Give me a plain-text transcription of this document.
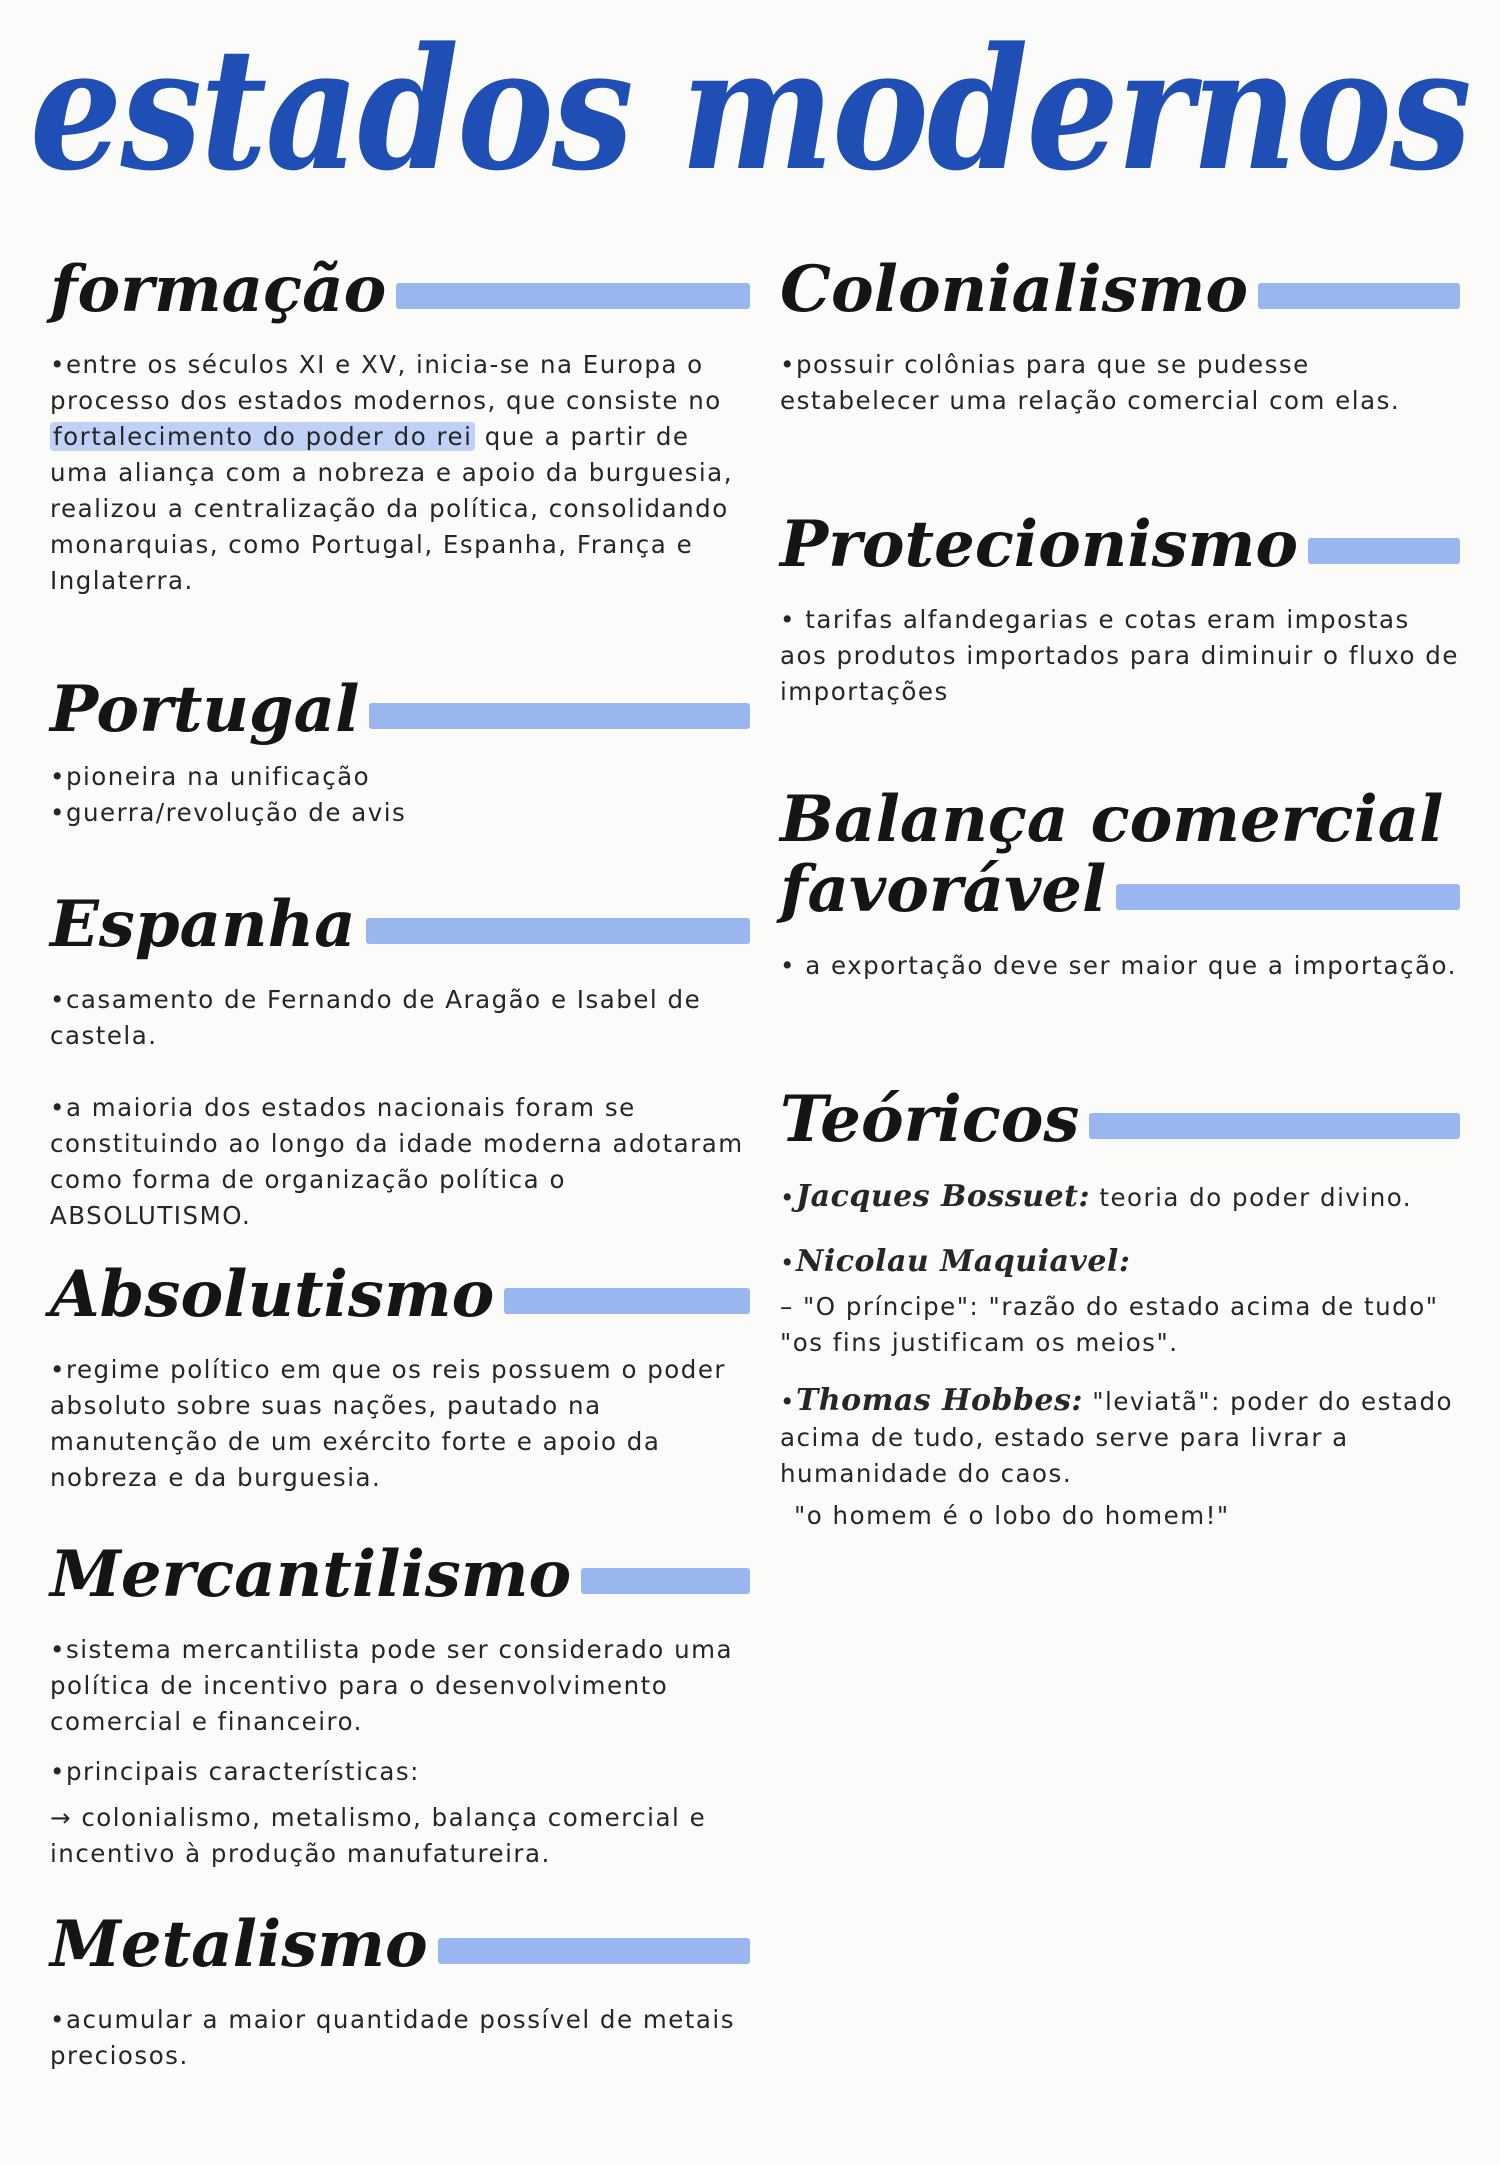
estados modernos
formação

•entre os séculos XI e XV, inicia-se na Europa o processo dos estados modernos, que consiste no fortalecimento do poder do rei que a partir de uma aliança com a nobreza e apoio da burguesia, realizou a centralização da política, consolidando monarquias, como Portugal, Espanha, França e Inglaterra.

Portugal

•pioneira na unificação

•guerra/revolução de avis

Espanha

•casamento de Fernando de Aragão e Isabel de castela.

•a maioria dos estados nacionais foram se constituindo ao longo da idade moderna adotaram como forma de organização política o ABSOLUTISMO.

Absolutismo

•regime político em que os reis possuem o poder absoluto sobre suas nações, pautado na manutenção de um exército forte e apoio da nobreza e da burguesia.

Mercantilismo

•sistema mercantilista pode ser considerado uma política de incentivo para o desenvolvimento comercial e financeiro.

•principais características:

→ colonialismo, metalismo, balança comercial e incentivo à produção manufatureira.

Metalismo

•acumular a maior quantidade possível de metais preciosos.

Colonialismo

•possuir colônias para que se pudesse estabelecer uma relação comercial com elas.

Protecionismo

• tarifas alfandegarias e cotas eram impostas aos produtos importados para diminuir o fluxo de importações

Balança comercial
favorável

• a exportação deve ser maior que a importação.

Teóricos

•Jacques Bossuet: teoria do poder divino.

•Nicolau Maquiavel:

– "O príncipe": "razão do estado acima de tudo" "os fins justificam os meios".

•Thomas Hobbes: "leviatã": poder do estado acima de tudo, estado serve para livrar a humanidade do caos.

"o homem é o lobo do homem!"
